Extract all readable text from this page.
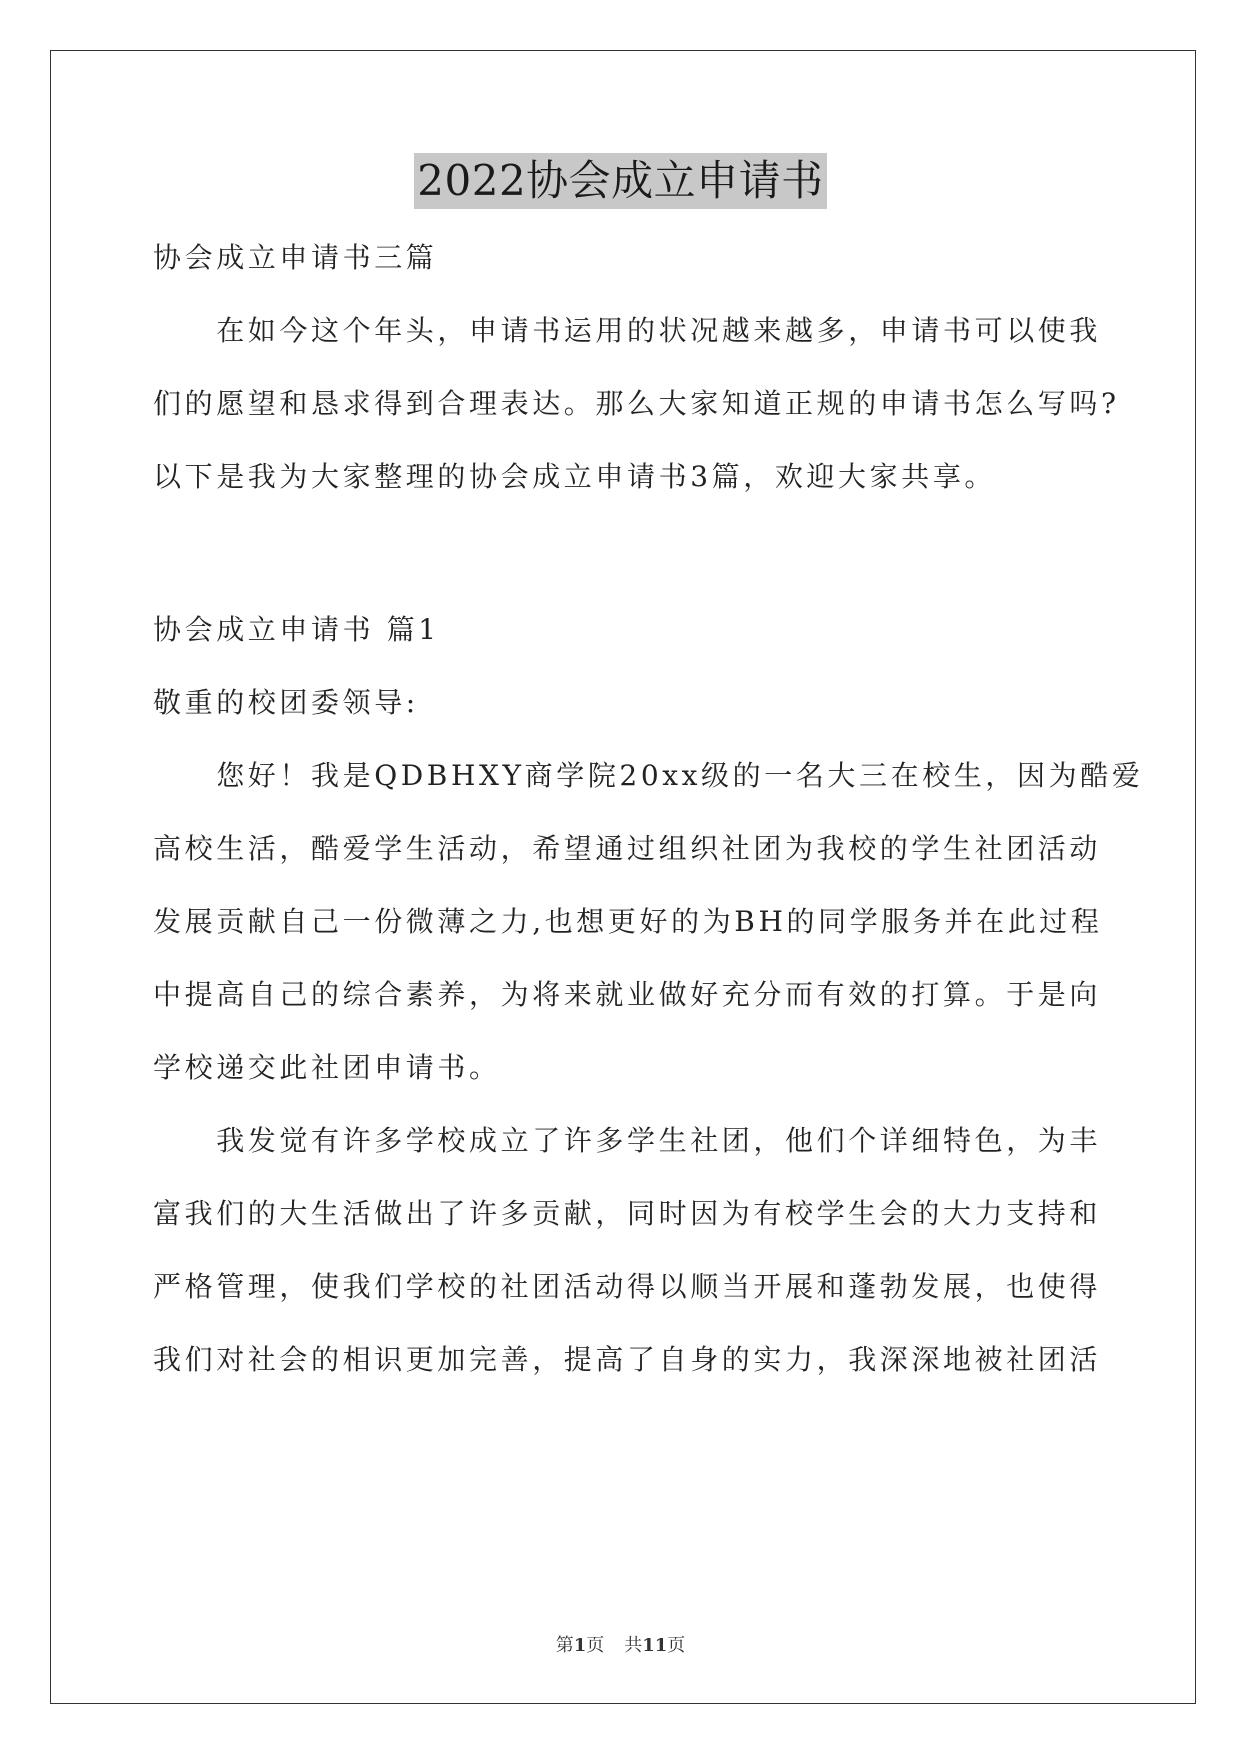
2022协会成立申请书
协会成立申请书三篇
　　在如今这个年头，申请书运用的状况越来越多，申请书可以使我
们的愿望和恳求得到合理表达。那么大家知道正规的申请书怎么写吗?
以下是我为大家整理的协会成立申请书3篇，欢迎大家共享。
协会成立申请书 篇1
敬重的校团委领导:
　　您好！我是QDBHXY商学院20xx级的一名大三在校生，因为酷爱
高校生活，酷爱学生活动，希望通过组织社团为我校的学生社团活动
发展贡献自己一份微薄之力,也想更好的为BH的同学服务并在此过程
中提高自己的综合素养，为将来就业做好充分而有效的打算。于是向
学校递交此社团申请书。
　　我发觉有许多学校成立了许多学生社团，他们个详细特色，为丰
富我们的大生活做出了许多贡献，同时因为有校学生会的大力支持和
严格管理，使我们学校的社团活动得以顺当开展和蓬勃发展，也使得
我们对社会的相识更加完善，提高了自身的实力，我深深地被社团活
第1页 共11页
